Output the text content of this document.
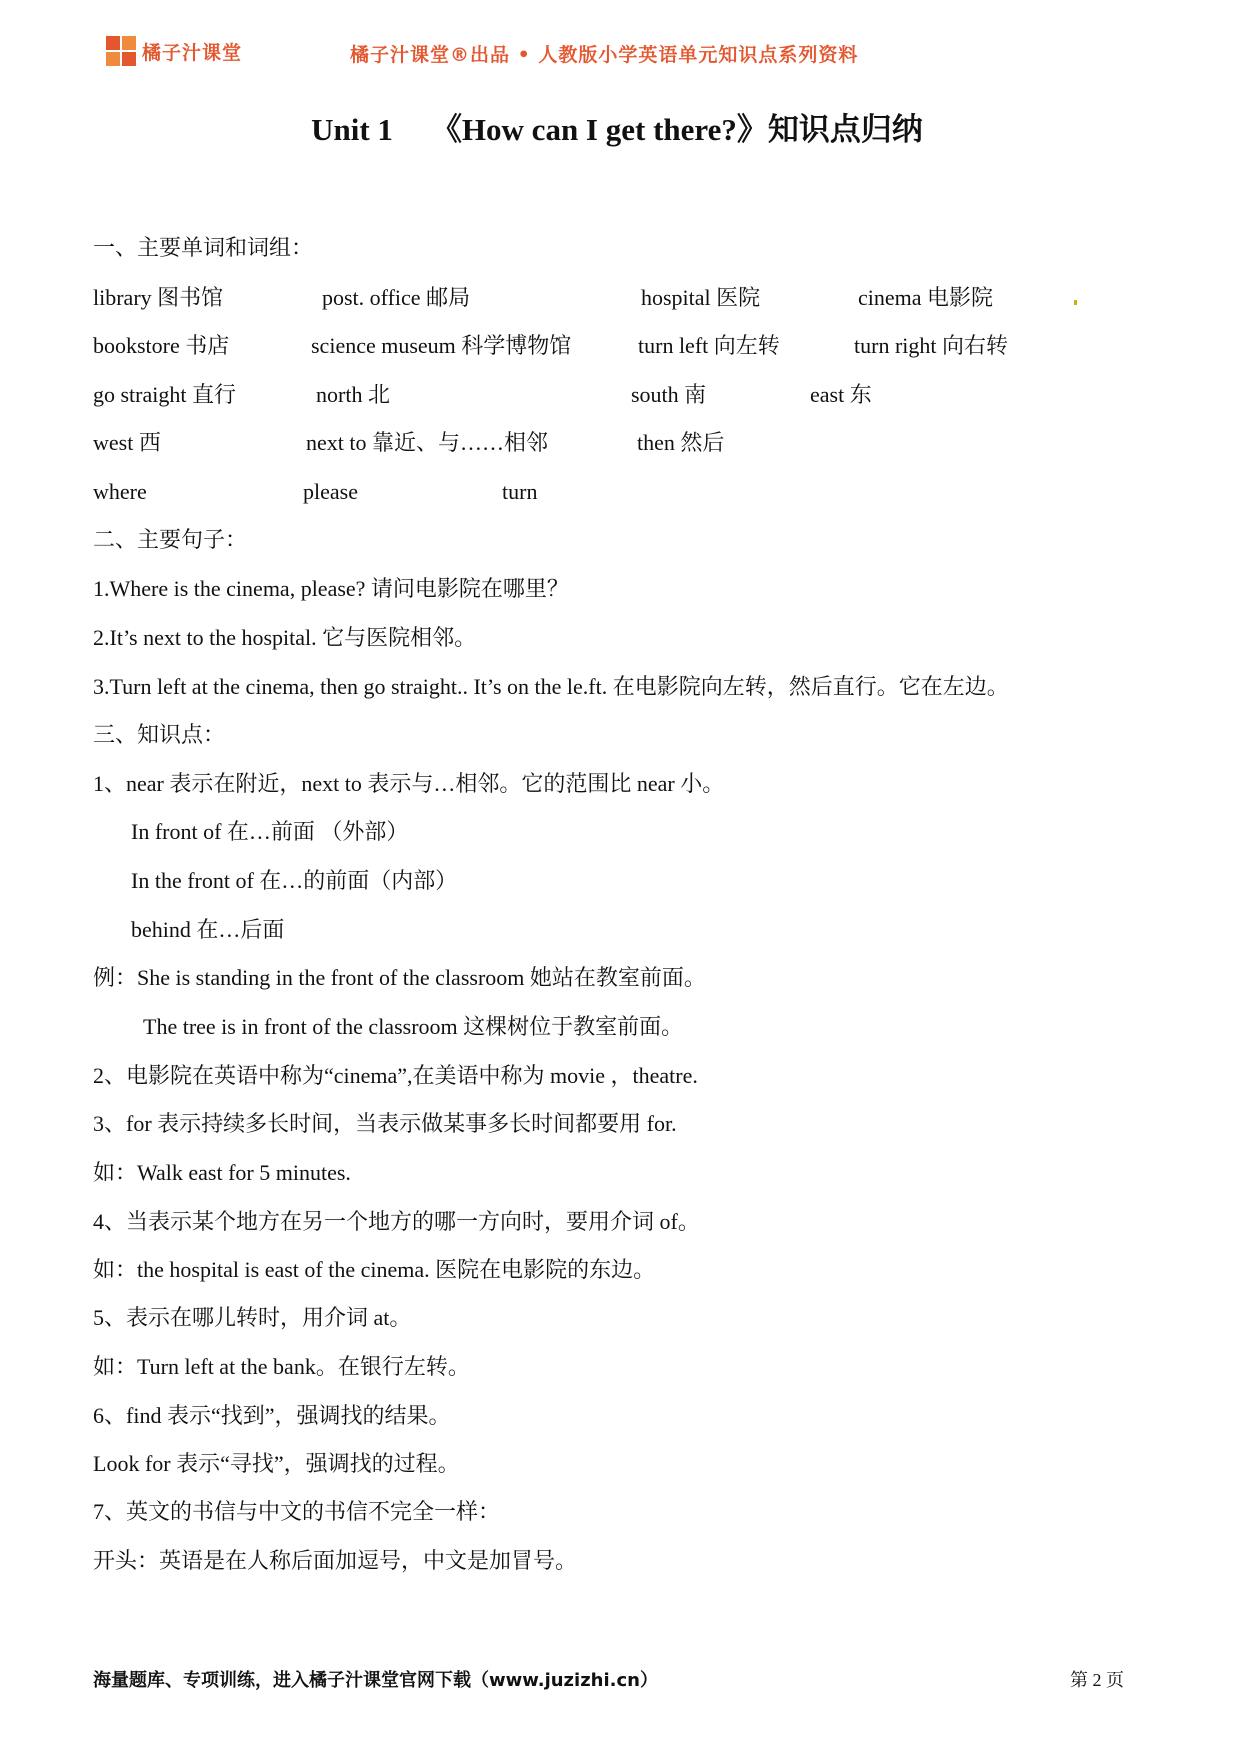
橘子汁课堂	橘子汁课堂®出品 • 人教版小学英语单元知识点系列资料
Unit 1 《How can I get there?》知识点归纳
一、主要单词和词组：
library 图书馆	post. office 邮局	hospital 医院	cinema 电影院
bookstore 书店	science museum 科学博物馆	turn left 向左转	turn right 向右转
go straight 直行	north 北	south 南	east 东
west 西	next to 靠近、与……相邻	then 然后
where	please	turn
二、主要句子：
1.Where is the cinema, please? 请问电影院在哪里？
2.It’s next to the hospital. 它与医院相邻。
3.Turn left at the cinema, then go straight.. It’s on the le.ft. 在电影院向左转，然后直行。它在左边。
三、知识点：
1、near 表示在附近，next to 表示与…相邻。它的范围比 near 小。
In front of 在…前面 （外部）
In the front of 在…的前面（内部）
behind 在…后面
例：She is standing in the front of the classroom 她站在教室前面。
The tree is in front of the classroom 这棵树位于教室前面。
2、电影院在英语中称为“cinema”,在美语中称为 movie ，theatre.
3、for 表示持续多长时间，当表示做某事多长时间都要用 for.
如：Walk east for 5 minutes.
4、当表示某个地方在另一个地方的哪一方向时，要用介词 of。
如：the hospital is east of the cinema. 医院在电影院的东边。
5、表示在哪儿转时，用介词 at。
如：Turn left at the bank。在银行左转。
6、find 表示“找到”，强调找的结果。
Look for 表示“寻找”，强调找的过程。
7、英文的书信与中文的书信不完全一样：
开头：英语是在人称后面加逗号，中文是加冒号。
海量题库、专项训练，进入橘子汁课堂官网下载（www.juzizhi.cn）	第 2 页
